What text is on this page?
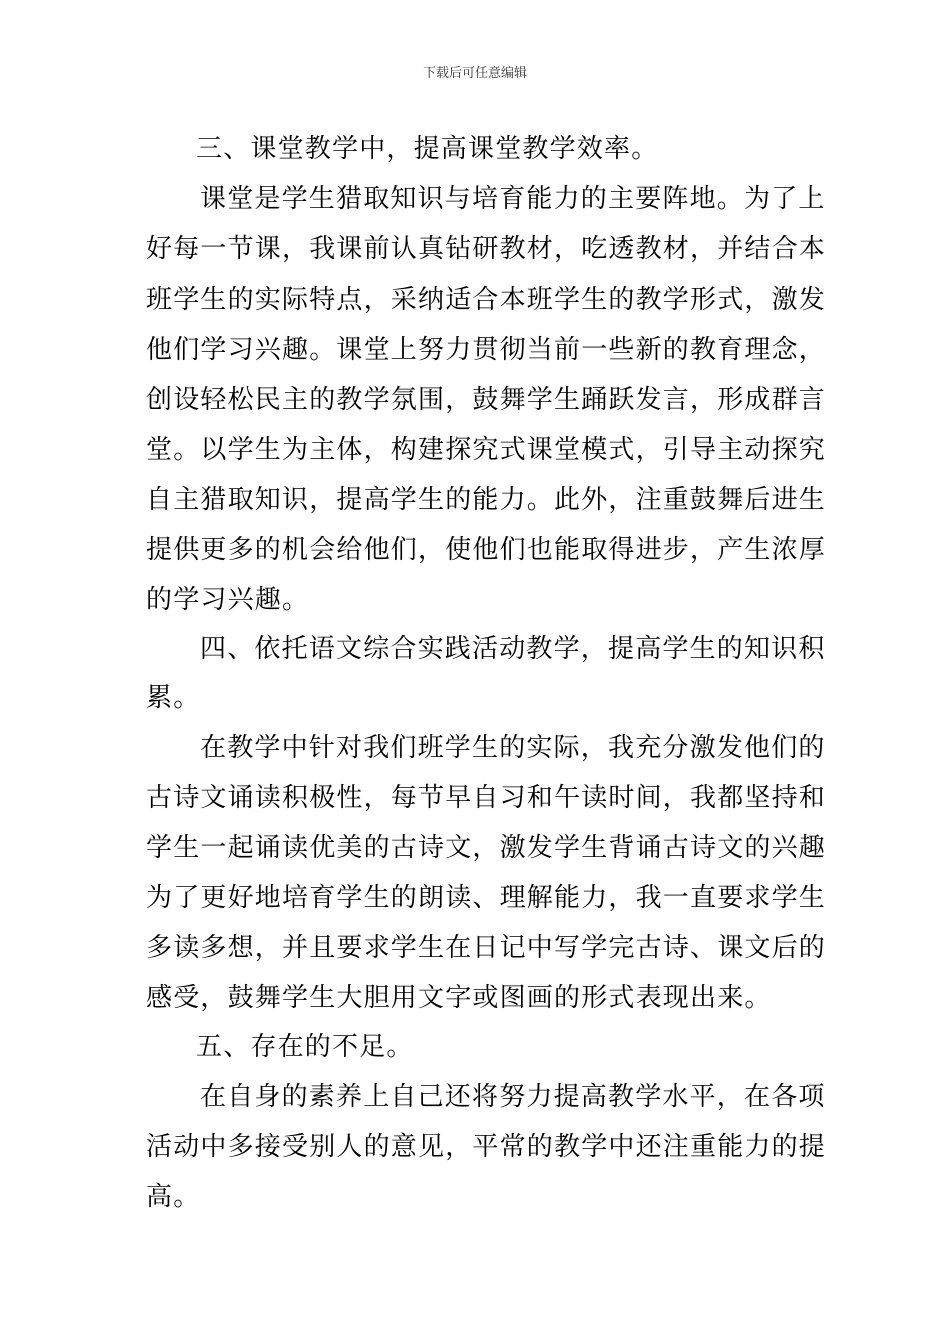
下载后可任意编辑
三、课堂教学中，提高课堂教学效率。
课堂是学生猎取知识与培育能力的主要阵地。为了上
好每一节课，我课前认真钻研教材，吃透教材，并结合本
班学生的实际特点，采纳适合本班学生的教学形式，激发
他们学习兴趣。课堂上努力贯彻当前一些新的教育理念，
创设轻松民主的教学氛围，鼓舞学生踊跃发言，形成群言
堂。以学生为主体，构建探究式课堂模式，引导主动探究
自主猎取知识，提高学生的能力。此外，注重鼓舞后进生
提供更多的机会给他们，使他们也能取得进步，产生浓厚
的学习兴趣。
四、依托语文综合实践活动教学，提高学生的知识积
累。
在教学中针对我们班学生的实际，我充分激发他们的
古诗文诵读积极性，每节早自习和午读时间，我都坚持和
学生一起诵读优美的古诗文，激发学生背诵古诗文的兴趣
为了更好地培育学生的朗读、理解能力，我一直要求学生
多读多想，并且要求学生在日记中写学完古诗、课文后的
感受，鼓舞学生大胆用文字或图画的形式表现出来。
五、存在的不足。
在自身的素养上自己还将努力提高教学水平，在各项
活动中多接受别人的意见，平常的教学中还注重能力的提
高。
